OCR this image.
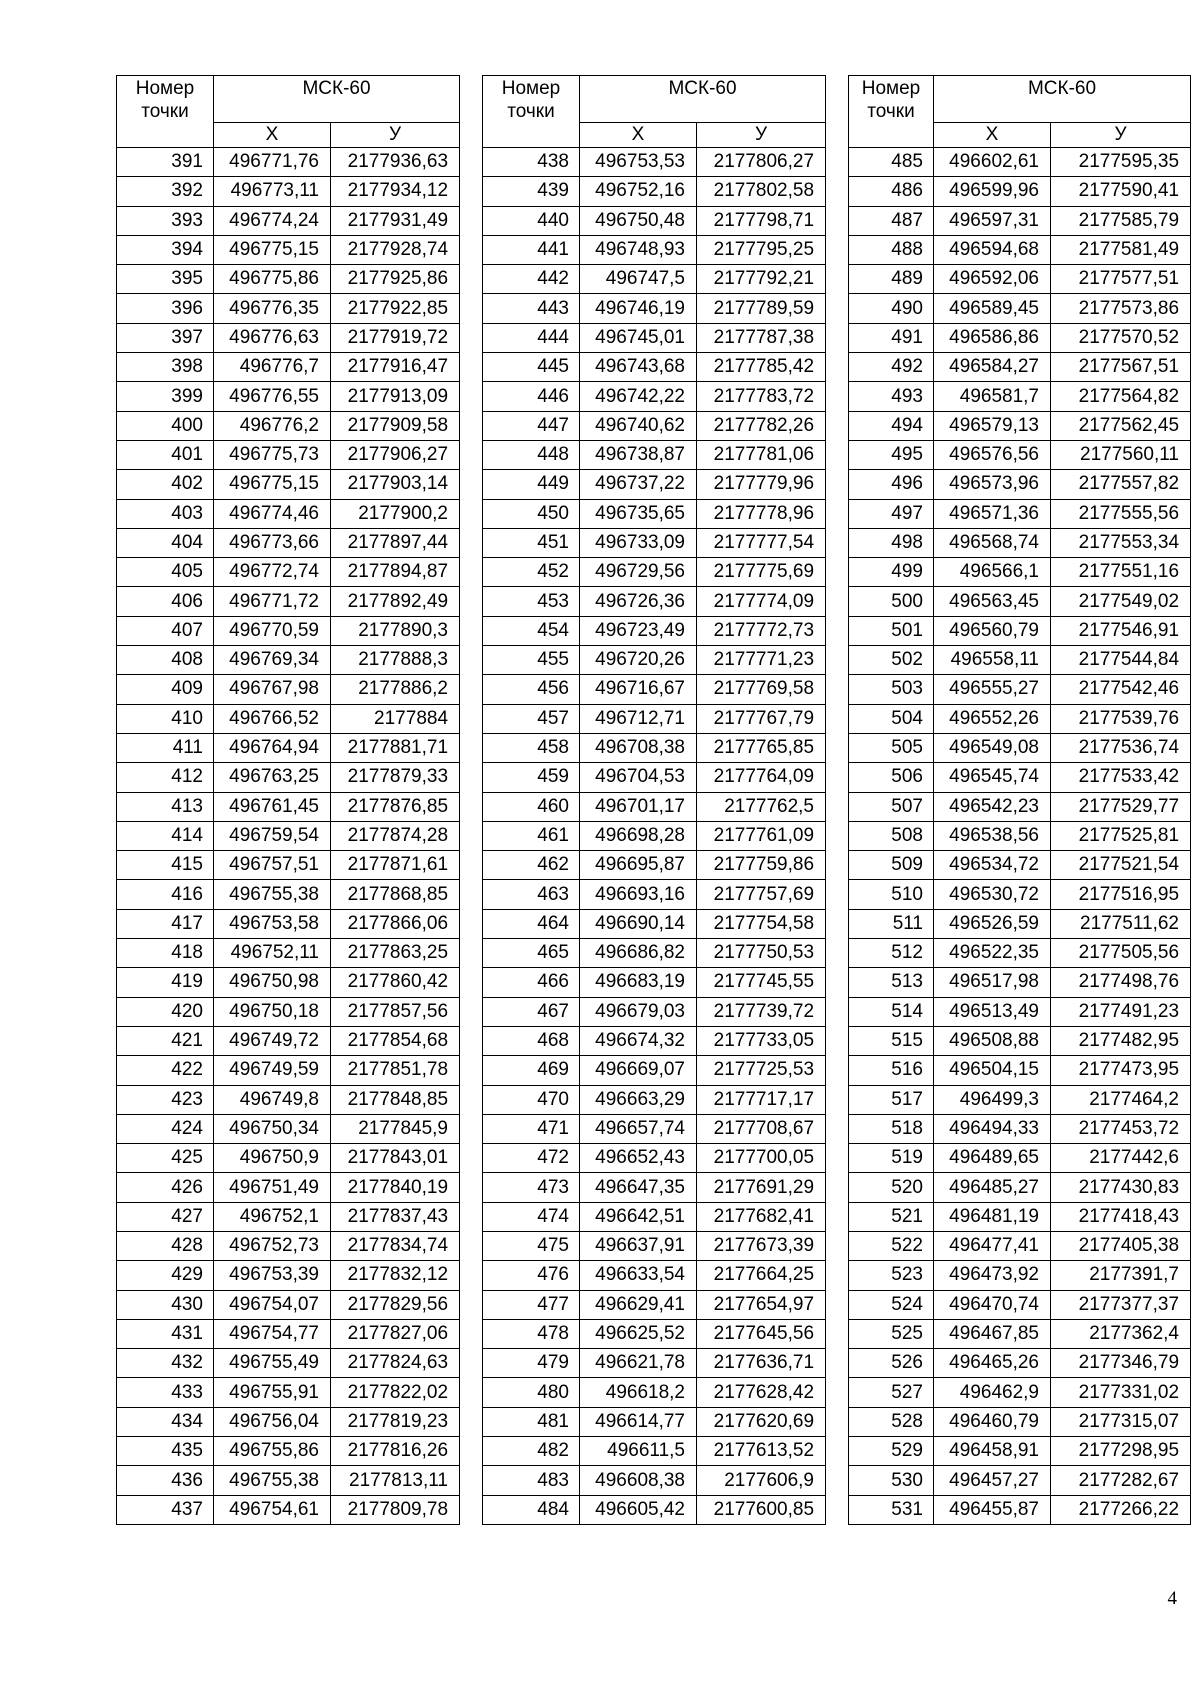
Номер точки	МСК-60	
	X	У
391	496771,76	2177936,63
392	496773,11	2177934,12
393	496774,24	2177931,49
394	496775,15	2177928,74
395	496775,86	2177925,86
396	496776,35	2177922,85
397	496776,63	2177919,72
398	496776,7	2177916,47
399	496776,55	2177913,09
400	496776,2	2177909,58
401	496775,73	2177906,27
402	496775,15	2177903,14
403	496774,46	2177900,2
404	496773,66	2177897,44
405	496772,74	2177894,87
406	496771,72	2177892,49
407	496770,59	2177890,3
408	496769,34	2177888,3
409	496767,98	2177886,2
410	496766,52	2177884
411	496764,94	2177881,71
412	496763,25	2177879,33
413	496761,45	2177876,85
414	496759,54	2177874,28
415	496757,51	2177871,61
416	496755,38	2177868,85
417	496753,58	2177866,06
418	496752,11	2177863,25
419	496750,98	2177860,42
420	496750,18	2177857,56
421	496749,72	2177854,68
422	496749,59	2177851,78
423	496749,8	2177848,85
424	496750,34	2177845,9
425	496750,9	2177843,01
426	496751,49	2177840,19
427	496752,1	2177837,43
428	496752,73	2177834,74
429	496753,39	2177832,12
430	496754,07	2177829,56
431	496754,77	2177827,06
432	496755,49	2177824,63
433	496755,91	2177822,02
434	496756,04	2177819,23
435	496755,86	2177816,26
436	496755,38	2177813,11
437	496754,61	2177809,78
Номер точки	МСК-60	
	X	У
438	496753,53	2177806,27
439	496752,16	2177802,58
440	496750,48	2177798,71
441	496748,93	2177795,25
442	496747,5	2177792,21
443	496746,19	2177789,59
444	496745,01	2177787,38
445	496743,68	2177785,42
446	496742,22	2177783,72
447	496740,62	2177782,26
448	496738,87	2177781,06
449	496737,22	2177779,96
450	496735,65	2177778,96
451	496733,09	2177777,54
452	496729,56	2177775,69
453	496726,36	2177774,09
454	496723,49	2177772,73
455	496720,26	2177771,23
456	496716,67	2177769,58
457	496712,71	2177767,79
458	496708,38	2177765,85
459	496704,53	2177764,09
460	496701,17	2177762,5
461	496698,28	2177761,09
462	496695,87	2177759,86
463	496693,16	2177757,69
464	496690,14	2177754,58
465	496686,82	2177750,53
466	496683,19	2177745,55
467	496679,03	2177739,72
468	496674,32	2177733,05
469	496669,07	2177725,53
470	496663,29	2177717,17
471	496657,74	2177708,67
472	496652,43	2177700,05
473	496647,35	2177691,29
474	496642,51	2177682,41
475	496637,91	2177673,39
476	496633,54	2177664,25
477	496629,41	2177654,97
478	496625,52	2177645,56
479	496621,78	2177636,71
480	496618,2	2177628,42
481	496614,77	2177620,69
482	496611,5	2177613,52
483	496608,38	2177606,9
484	496605,42	2177600,85
Номер точки	МСК-60	
	X	У
485	496602,61	2177595,35
486	496599,96	2177590,41
487	496597,31	2177585,79
488	496594,68	2177581,49
489	496592,06	2177577,51
490	496589,45	2177573,86
491	496586,86	2177570,52
492	496584,27	2177567,51
493	496581,7	2177564,82
494	496579,13	2177562,45
495	496576,56	2177560,11
496	496573,96	2177557,82
497	496571,36	2177555,56
498	496568,74	2177553,34
499	496566,1	2177551,16
500	496563,45	2177549,02
501	496560,79	2177546,91
502	496558,11	2177544,84
503	496555,27	2177542,46
504	496552,26	2177539,76
505	496549,08	2177536,74
506	496545,74	2177533,42
507	496542,23	2177529,77
508	496538,56	2177525,81
509	496534,72	2177521,54
510	496530,72	2177516,95
511	496526,59	2177511,62
512	496522,35	2177505,56
513	496517,98	2177498,76
514	496513,49	2177491,23
515	496508,88	2177482,95
516	496504,15	2177473,95
517	496499,3	2177464,2
518	496494,33	2177453,72
519	496489,65	2177442,6
520	496485,27	2177430,83
521	496481,19	2177418,43
522	496477,41	2177405,38
523	496473,92	2177391,7
524	496470,74	2177377,37
525	496467,85	2177362,4
526	496465,26	2177346,79
527	496462,9	2177331,02
528	496460,79	2177315,07
529	496458,91	2177298,95
530	496457,27	2177282,67
531	496455,87	2177266,22
4
